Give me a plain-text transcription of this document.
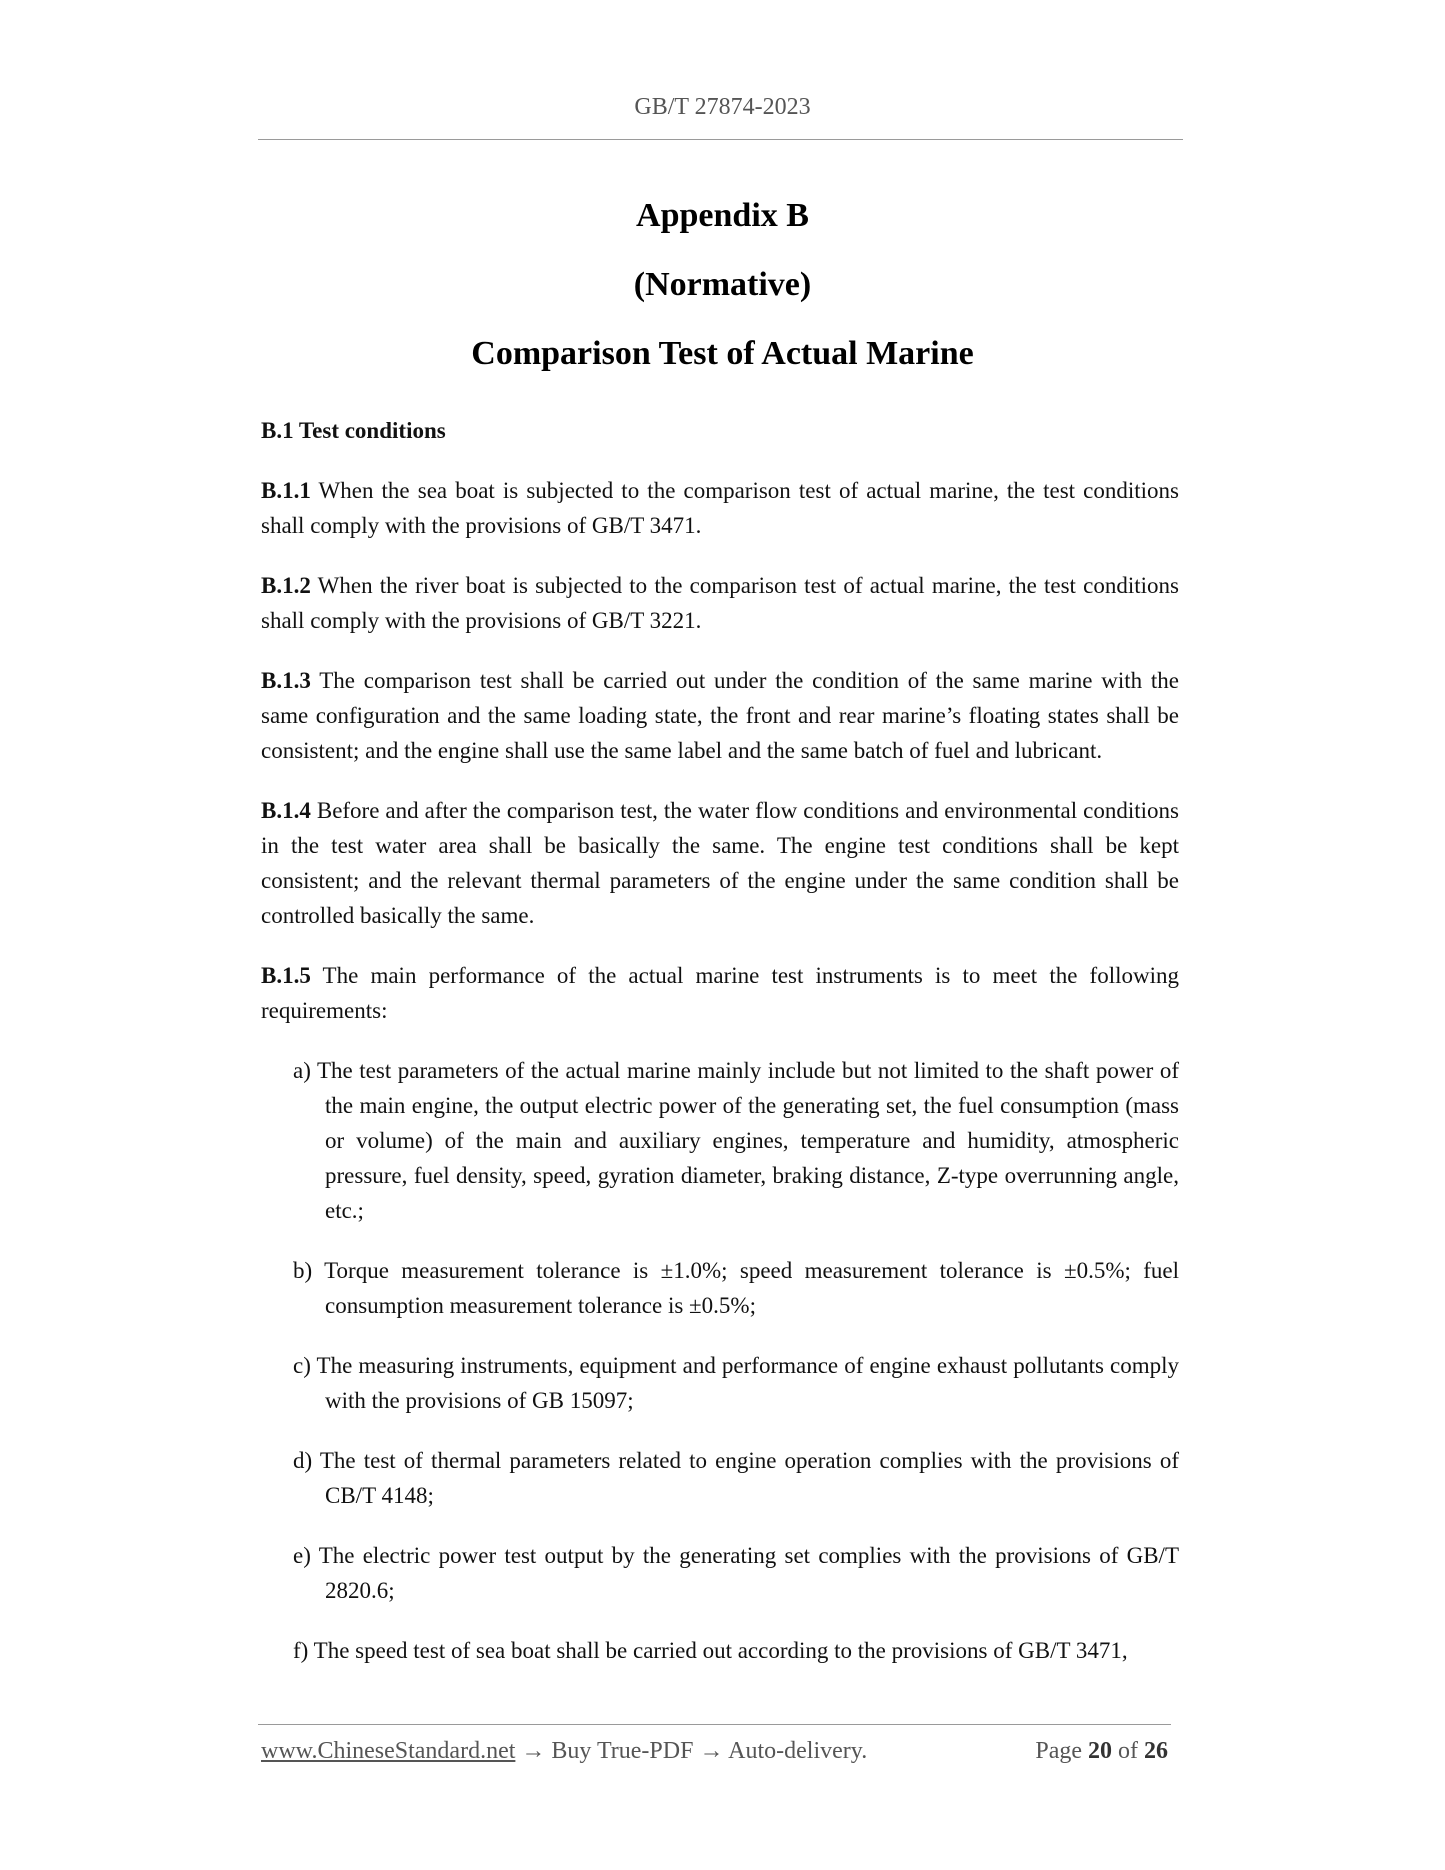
GB/T 27874-2023
Appendix B
(Normative)
Comparison Test of Actual Marine
B.1 Test conditions

B.1.1 When the sea boat is subjected to the comparison test of actual marine, the test conditions shall comply with the provisions of GB/T 3471.

B.1.2 When the river boat is subjected to the comparison test of actual marine, the test conditions shall comply with the provisions of GB/T 3221.

B.1.3 The comparison test shall be carried out under the condition of the same marine with the same configuration and the same loading state, the front and rear marine’s floating states shall be consistent; and the engine shall use the same label and the same batch of fuel and lubricant.

B.1.4 Before and after the comparison test, the water flow conditions and environmental conditions in the test water area shall be basically the same. The engine test conditions shall be kept consistent; and the relevant thermal parameters of the engine under the same condition shall be controlled basically the same.

B.1.5 The main performance of the actual marine test instruments is to meet the following requirements:

a) The test parameters of the actual marine mainly include but not limited to the shaft power of the main engine, the output electric power of the generating set, the fuel consumption (mass or volume) of the main and auxiliary engines, temperature and humidity, atmospheric pressure, fuel density, speed, gyration diameter, braking distance, Z-type overrunning angle, etc.;
b) Torque measurement tolerance is ±1.0%; speed measurement tolerance is ±0.5%; fuel consumption measurement tolerance is ±0.5%;
c) The measuring instruments, equipment and performance of engine exhaust pollutants comply with the provisions of GB 15097;
d) The test of thermal parameters related to engine operation complies with the provisions of CB/T 4148;
e) The electric power test output by the generating set complies with the provisions of GB/T 2820.6;
f) The speed test of sea boat shall be carried out according to the provisions of GB/T 3471,
www.ChineseStandard.net → Buy True-PDF → Auto-delivery.	Page 20 of 26
